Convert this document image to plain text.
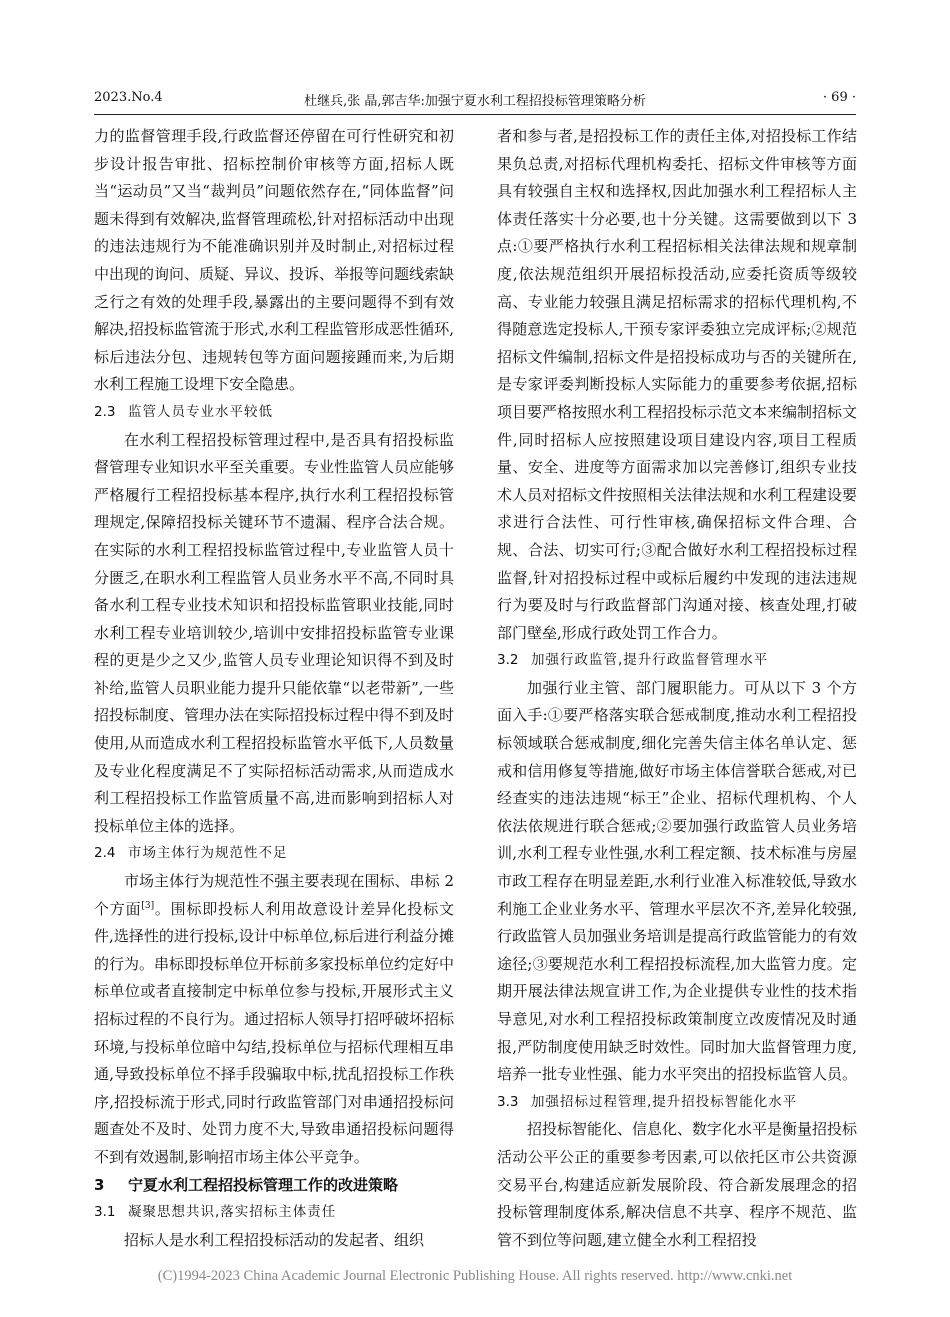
2023.No.4	杜继兵,张 晶,郭吉华:加强宁夏水利工程招投标管理策略分析	· 69 ·

力的监督管理手段,行政监督还停留在可行性研究和初步设计报告审批、招标控制价审核等方面,招标人既当“运动员”又当“裁判员”问题依然存在,“同体监督”问题未得到有效解决,监督管理疏松,针对招标活动中出现的违法违规行为不能准确识别并及时制止,对招标过程中出现的询问、质疑、异议、投诉、举报等问题线索缺乏行之有效的处理手段,暴露出的主要问题得不到有效解决,招投标监管流于形式,水利工程监管形成恶性循环,标后违法分包、违规转包等方面问题接踵而来,为后期水利工程施工设埋下安全隐患。

2.3 监管人员专业水平较低

在水利工程招投标管理过程中,是否具有招投标监督管理专业知识水平至关重要。专业性监管人员应能够严格履行工程招投标基本程序,执行水利工程招投标管理规定,保障招投标关键环节不遗漏、程序合法合规。在实际的水利工程招投标监管过程中,专业监管人员十分匮乏,在职水利工程监管人员业务水平不高,不同时具备水利工程专业技术知识和招投标监管职业技能,同时水利工程专业培训较少,培训中安排招投标监管专业课程的更是少之又少,监管人员专业理论知识得不到及时补给,监管人员职业能力提升只能依靠“以老带新”,一些招投标制度、管理办法在实际招投标过程中得不到及时使用,从而造成水利工程招投标监管水平低下,人员数量及专业化程度满足不了实际招标活动需求,从而造成水利工程招投标工作监管质量不高,进而影响到招标人对投标单位主体的选择。

2.4 市场主体行为规范性不足

市场主体行为规范性不强主要表现在围标、串标 2 个方面[3]。围标即投标人利用故意设计差异化投标文件,选择性的进行投标,设计中标单位,标后进行利益分摊的行为。串标即投标单位开标前多家投标单位约定好中标单位或者直接制定中标单位参与投标,开展形式主义招标过程的不良行为。通过招标人领导打招呼破坏招标环境,与投标单位暗中勾结,投标单位与招标代理相互串通,导致投标单位不择手段骗取中标,扰乱招投标工作秩序,招投标流于形式,同时行政监管部门对串通招投标问题查处不及时、处罚力度不大,导致串通招投标问题得不到有效遏制,影响招市场主体公平竞争。

3 宁夏水利工程招投标管理工作的改进策略

3.1 凝聚思想共识,落实招标主体责任

招标人是水利工程招投标活动的发起者、组织

者和参与者,是招投标工作的责任主体,对招投标工作结果负总责,对招标代理机构委托、招标文件审核等方面具有较强自主权和选择权,因此加强水利工程招标人主体责任落实十分必要,也十分关键。这需要做到以下 3 点:①要严格执行水利工程招标相关法律法规和规章制度,依法规范组织开展招标投活动,应委托资质等级较高、专业能力较强且满足招标需求的招标代理机构,不得随意选定投标人,干预专家评委独立完成评标;②规范招标文件编制,招标文件是招投标成功与否的关键所在,是专家评委判断投标人实际能力的重要参考依据,招标项目要严格按照水利工程招投标示范文本来编制招标文件,同时招标人应按照建设项目建设内容,项目工程质量、安全、进度等方面需求加以完善修订,组织专业技术人员对招标文件按照相关法律法规和水利工程建设要求进行合法性、可行性审核,确保招标文件合理、合规、合法、切实可行;③配合做好水利工程招投标过程监督,针对招投标过程中或标后履约中发现的违法违规行为要及时与行政监督部门沟通对接、核查处理,打破部门壁垒,形成行政处罚工作合力。

3.2 加强行政监管,提升行政监督管理水平

加强行业主管、部门履职能力。可从以下 3 个方面入手:①要严格落实联合惩戒制度,推动水利工程招投标领域联合惩戒制度,细化完善失信主体名单认定、惩戒和信用修复等措施,做好市场主体信誉联合惩戒,对已经查实的违法违规“标王”企业、招标代理机构、个人依法依规进行联合惩戒;②要加强行政监管人员业务培训,水利工程专业性强,水利工程定额、技术标准与房屋市政工程存在明显差距,水利行业准入标准较低,导致水利施工企业业务水平、管理水平层次不齐,差异化较强,行政监管人员加强业务培训是提高行政监管能力的有效途径;③要规范水利工程招投标流程,加大监管力度。定期开展法律法规宣讲工作,为企业提供专业性的技术指导意见,对水利工程招投标政策制度立改废情况及时通报,严防制度使用缺乏时效性。同时加大监督管理力度,培养一批专业性强、能力水平突出的招投标监管人员。

3.3 加强招标过程管理,提升招投标智能化水平

招投标智能化、信息化、数字化水平是衡量招投标活动公平公正的重要参考因素,可以依托区市公共资源交易平台,构建适应新发展阶段、符合新发展理念的招投标管理制度体系,解决信息不共享、程序不规范、监管不到位等问题,建立健全水利工程招投

(C)1994-2023 China Academic Journal Electronic Publishing House. All rights reserved. http://www.cnki.net
